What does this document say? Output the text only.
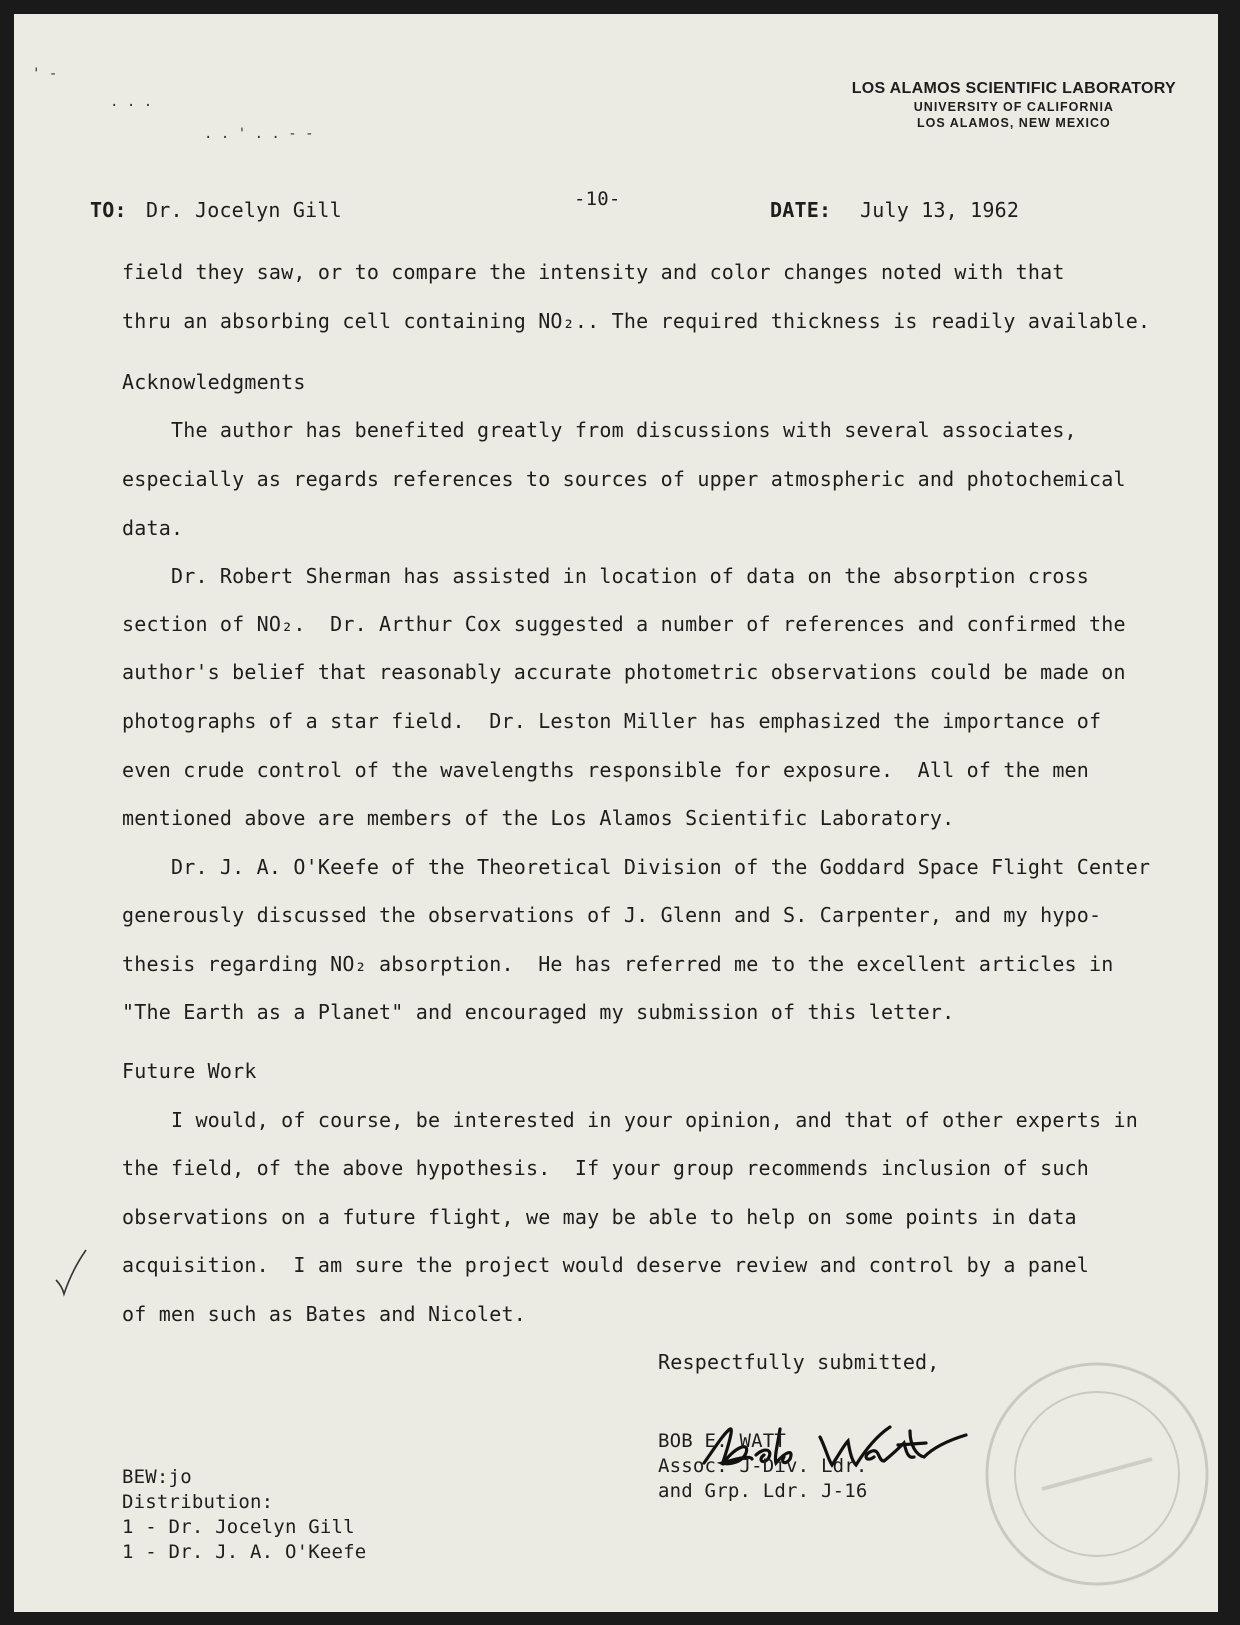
' -
. . .
. . ' . . - -
LOS ALAMOS SCIENTIFIC LABORATORY
UNIVERSITY OF CALIFORNIA
LOS ALAMOS, NEW MEXICO
TO: Dr. Jocelyn Gill	-10-	DATE: July 13, 1962
field they saw, or to compare the intensity and color changes noted with that
thru an absorbing cell containing NO₂.. The required thickness is readily available.
Acknowledgments
The author has benefited greatly from discussions with several associates,
especially as regards references to sources of upper atmospheric and photochemical
data.
Dr. Robert Sherman has assisted in location of data on the absorption cross
section of NO₂.  Dr. Arthur Cox suggested a number of references and confirmed the
author's belief that reasonably accurate photometric observations could be made on
photographs of a star field.  Dr. Leston Miller has emphasized the importance of
even crude control of the wavelengths responsible for exposure.  All of the men
mentioned above are members of the Los Alamos Scientific Laboratory.
Dr. J. A. O'Keefe of the Theoretical Division of the Goddard Space Flight Center
generously discussed the observations of J. Glenn and S. Carpenter, and my hypo-
thesis regarding NO₂ absorption.  He has referred me to the excellent articles in
"The Earth as a Planet" and encouraged my submission of this letter.
Future Work
I would, of course, be interested in your opinion, and that of other experts in
the field, of the above hypothesis.  If your group recommends inclusion of such
observations on a future flight, we may be able to help on some points in data
acquisition.  I am sure the project would deserve review and control by a panel
of men such as Bates and Nicolet.
Respectfully submitted,
BOB E. WATT
Assoc. J-Div. Ldr.
and Grp. Ldr. J-16
BEW:jo
Distribution:
1 - Dr. Jocelyn Gill
1 - Dr. J. A. O'Keefe
